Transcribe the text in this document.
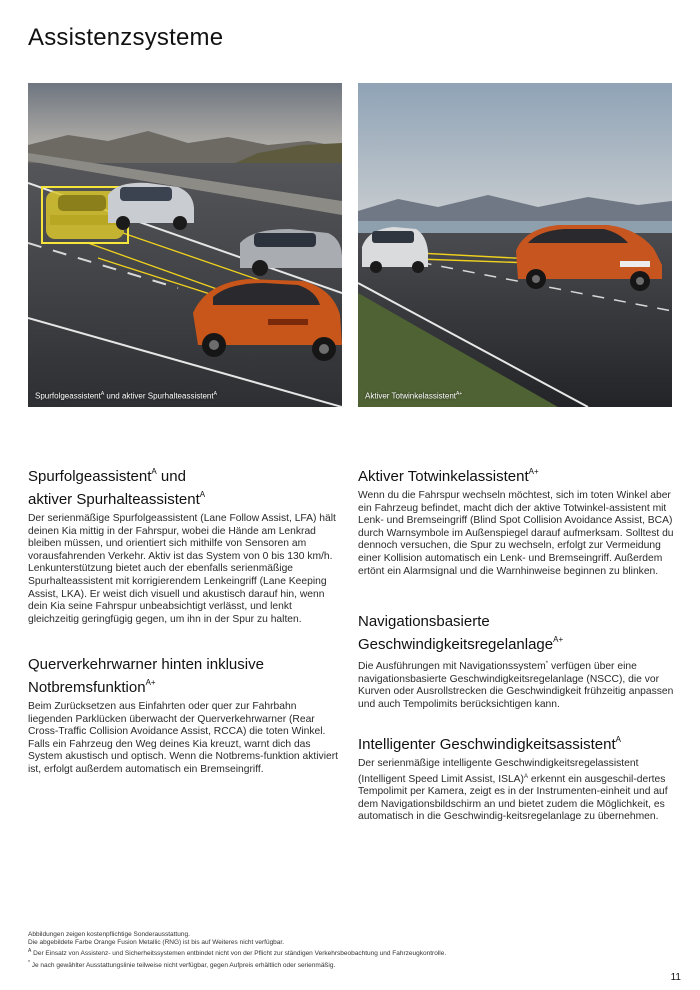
Assistenzsysteme
Spurfolgeassistent$^A$ und aktiver Spurhalteassistent$^A$	Aktiver Totwinkelassistent$^{A+}$
Spurfolgeassistent$^A$ und
aktiver Spurhalteassistent$^A$

Der serienmäßige Spurfolgeassistent (Lane Follow Assist, LFA) hält deinen Kia mittig in der Fahrspur, wobei die Hände am Lenkrad bleiben müssen, und orientiert sich mithilfe von Sensoren am vorausfahrenden Verkehr. Aktiv ist das System von 0 bis 130 km/h. Lenkunterstützung bietet auch der ebenfalls serienmäßige Spurhalteassistent mit korrigierendem Lenkeingriff (Lane Keeping Assist, LKA). Er weist dich visuell und akustisch darauf hin, wenn dein Kia seine Fahrspur unbeabsichtigt verlässt, und lenkt gleichzeitig geringfügig gegen, um ihn in der Spur zu halten.

Querverkehrwarner hinten inklusive
Notbremsfunktion$^{A+}$

Beim Zurücksetzen aus Einfahrten oder quer zur Fahrbahn liegenden Parklücken überwacht der Querverkehrwarner (Rear Cross-Traffic Collision Avoidance Assist, RCCA) die toten Winkel. Falls ein Fahrzeug den Weg deines Kia kreuzt, warnt dich das System akustisch und optisch. Wenn die Notbrems-funktion aktiviert ist, erfolgt außerdem automatisch ein Bremseingriff.

Aktiver Totwinkelassistent$^{A+}$

Wenn du die Fahrspur wechseln möchtest, sich im toten Winkel aber ein Fahrzeug befindet, macht dich der aktive Totwinkel-assistent mit Lenk- und Bremseingriff (Blind Spot Collision Avoidance Assist, BCA) durch Warnsymbole im Außenspiegel darauf aufmerksam. Solltest du dennoch versuchen, die Spur zu wechseln, erfolgt zur Vermeidung einer Kollision automatisch ein Lenk- und Bremseingriff. Außerdem ertönt ein Alarmsignal und die Warnhinweise beginnen zu blinken.

Navigationsbasierte
Geschwindigkeitsregelanlage$^{A+}$

Die Ausführungen mit Navigationssystem* verfügen über eine navigationsbasierte Geschwindigkeitsregelanlage (NSCC), die vor Kurven oder Ausrollstrecken die Geschwindigkeit frühzeitig anpassen und auch Tempolimits berücksichtigen kann.

Intelligenter Geschwindigkeitsassistent$^A$

Der serienmäßige intelligente Geschwindigkeitsregelassistent (Intelligent Speed Limit Assist, ISLA)$^A$ erkennt ein ausgeschil-dertes Tempolimit per Kamera, zeigt es in der Instrumenten-einheit und auf dem Navigationsbildschirm an und bietet zudem die Möglichkeit, es automatisch in die Geschwindig-keitsregelanlage zu übernehmen.

Abbildungen zeigen kostenpflichtige Sonderausstattung.
Die abgebildete Farbe Orange Fusion Metallic (RNG) ist bis auf Weiteres nicht verfügbar.
$^A$ Der Einsatz von Assistenz- und Sicherheitssystemen entbindet nicht von der Pflicht zur ständigen Verkehrsbeobachtung und Fahrzeugkontrolle.
* Je nach gewählter Ausstattungslinie teilweise nicht verfügbar, gegen Aufpreis erhältlich oder serienmäßig.
11
